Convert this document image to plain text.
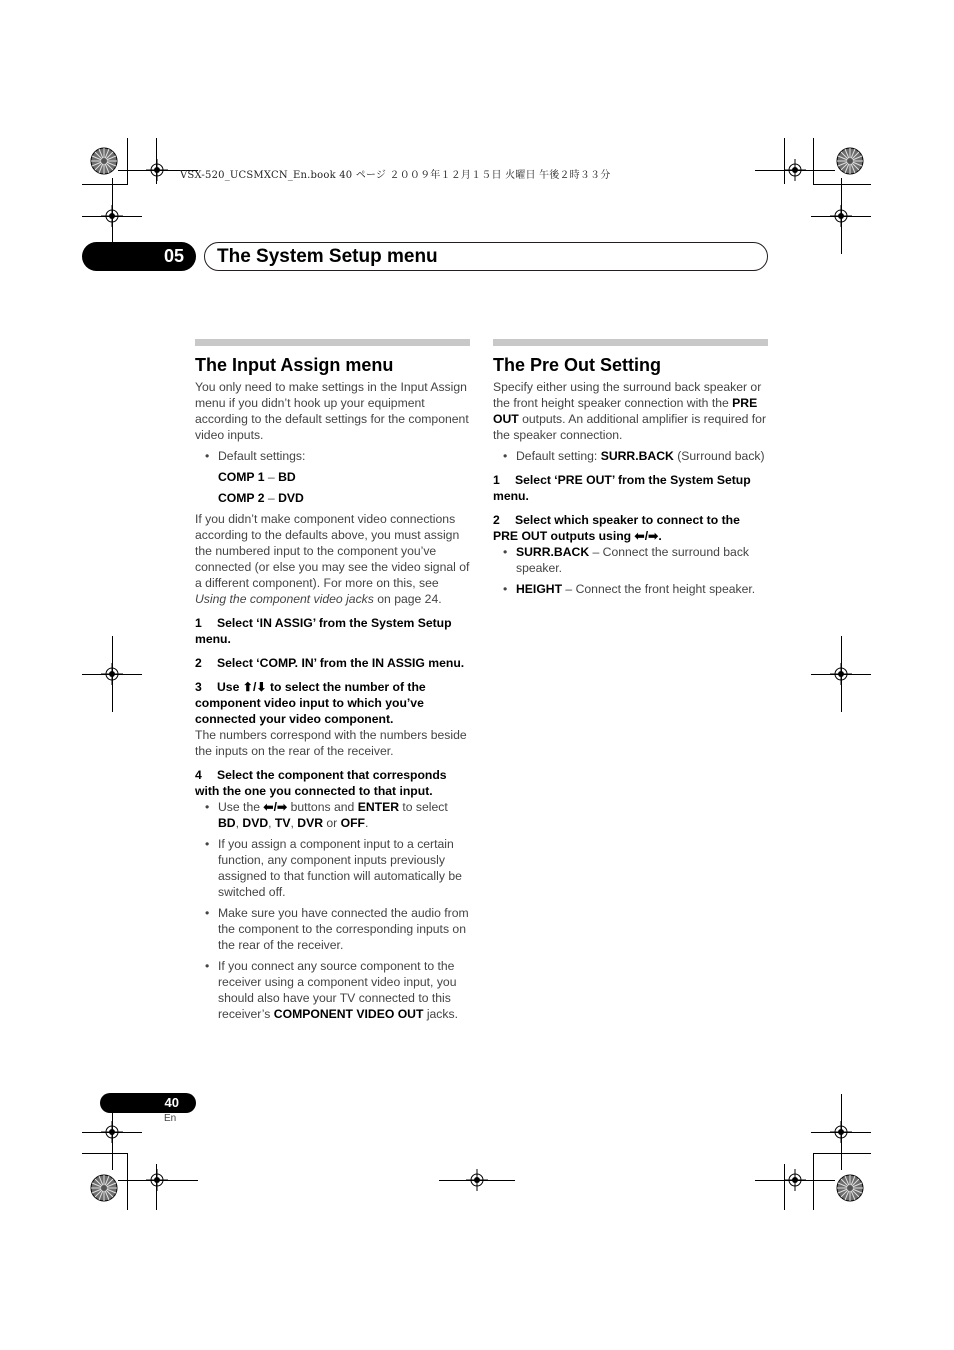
VSX-520_UCSMXCN_En.book 40 ページ ２００９年１２月１５日 火曜日 午後２時３３分
05	The System Setup menu
The Input Assign menu

You only need to make settings in the Input Assign menu if you didn’t hook up your equipment according to the default settings for the component video inputs.

• Default settings:
COMP 1 – BD
COMP 2 – DVD

If you didn’t make component video connections according to the defaults above, you must assign the numbered input to the component you’ve connected (or else you may see the video signal of a different component). For more on this, see Using the component video jacks on page 24.

1 Select ‘IN ASSIG’ from the System Setup menu.
2 Select ‘COMP. IN’ from the IN ASSIG menu.
3 Use ⬆/⬇ to select the number of the component video input to which you’ve connected your video component.

The numbers correspond with the numbers beside the inputs on the rear of the receiver.

4 Select the component that corresponds with the one you connected to that input.
• Use the ⬅/➡ buttons and ENTER to select BD, DVD, TV, DVR or OFF.
• If you assign a component input to a certain function, any component inputs previously assigned to that function will automatically be switched off.
• Make sure you have connected the audio from the component to the corresponding inputs on the rear of the receiver.
• If you connect any source component to the receiver using a component video input, you should also have your TV connected to this receiver’s COMPONENT VIDEO OUT jacks.
The Pre Out Setting

Specify either using the surround back speaker or the front height speaker connection with the PRE OUT outputs. An additional amplifier is required for the speaker connection.

• Default setting: SURR.BACK (Surround back)
1 Select ‘PRE OUT’ from the System Setup menu.
2 Select which speaker to connect to the PRE OUT outputs using ⬅/➡.
• SURR.BACK – Connect the surround back speaker.
• HEIGHT – Connect the front height speaker.
40
En
